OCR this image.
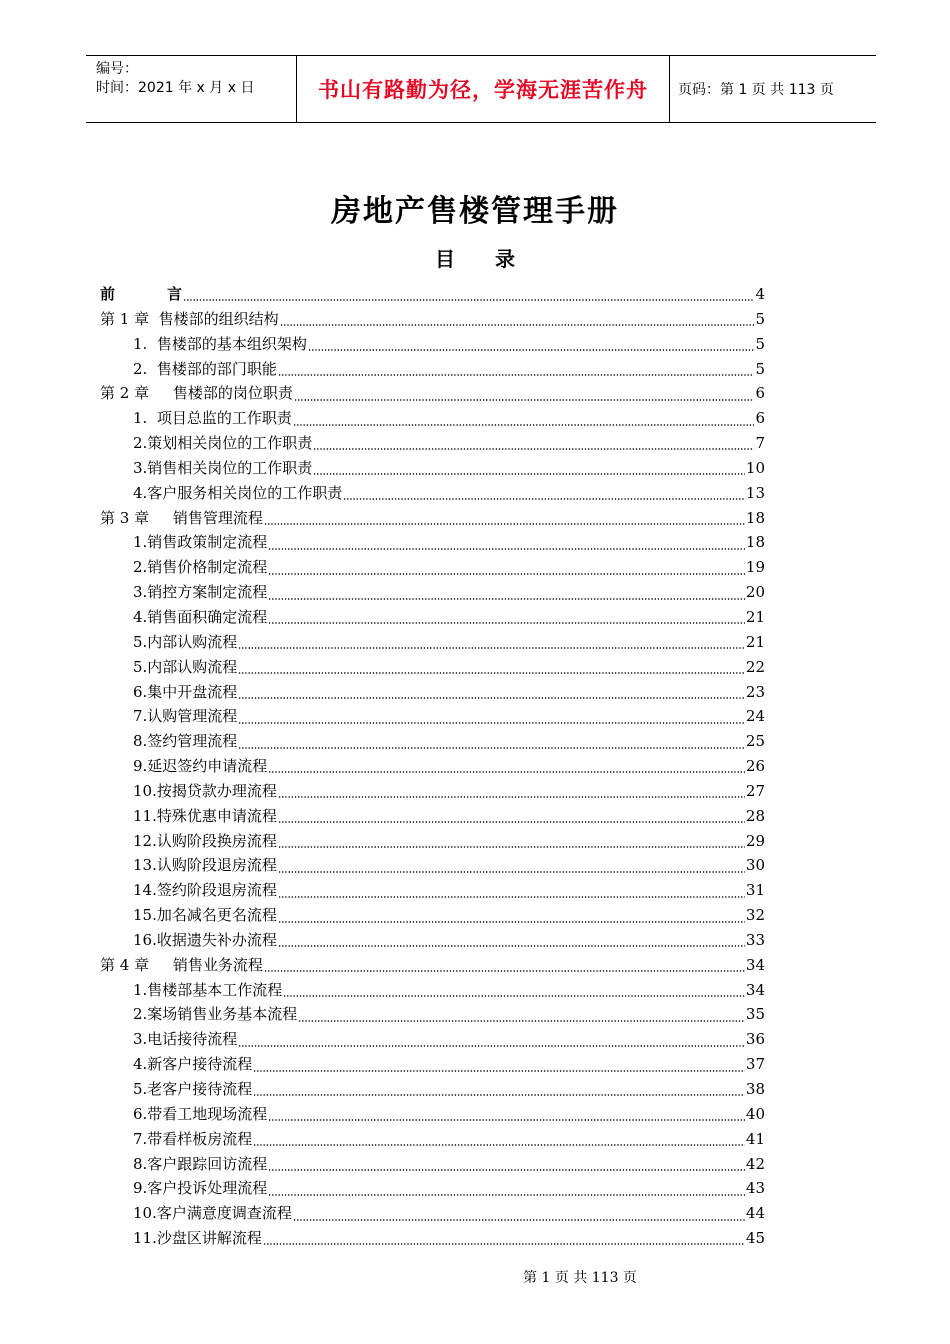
编号：
时间：2021 年 x 月 x 日	书山有路勤为径，学海无涯苦作舟	页码：第 1 页 共 113 页
房地产售楼管理手册
目录
前言	4
第 1 章  售楼部的组织结构	5
1.  售楼部的基本组织架构	5
2.  售楼部的部门职能	5
第 2 章     售楼部的岗位职责	6
1.  项目总监的工作职责	6
2.策划相关岗位的工作职责	7
3.销售相关岗位的工作职责	10
4.客户服务相关岗位的工作职责	13
第 3 章     销售管理流程	18
1.销售政策制定流程	18
2.销售价格制定流程	19
3.销控方案制定流程	20
4.销售面积确定流程	21
5.内部认购流程	21
5.内部认购流程	22
6.集中开盘流程	23
7.认购管理流程	24
8.签约管理流程	25
9.延迟签约申请流程	26
10.按揭贷款办理流程	27
11.特殊优惠申请流程	28
12.认购阶段换房流程	29
13.认购阶段退房流程	30
14.签约阶段退房流程	31
15.加名减名更名流程	32
16.收据遗失补办流程	33
第 4 章     销售业务流程	34
1.售楼部基本工作流程	34
2.案场销售业务基本流程	35
3.电话接待流程	36
4.新客户接待流程	37
5.老客户接待流程	38
6.带看工地现场流程	40
7.带看样板房流程	41
8.客户跟踪回访流程	42
9.客户投诉处理流程	43
10.客户满意度调查流程	44
11.沙盘区讲解流程	45
第 1 页 共 113 页
